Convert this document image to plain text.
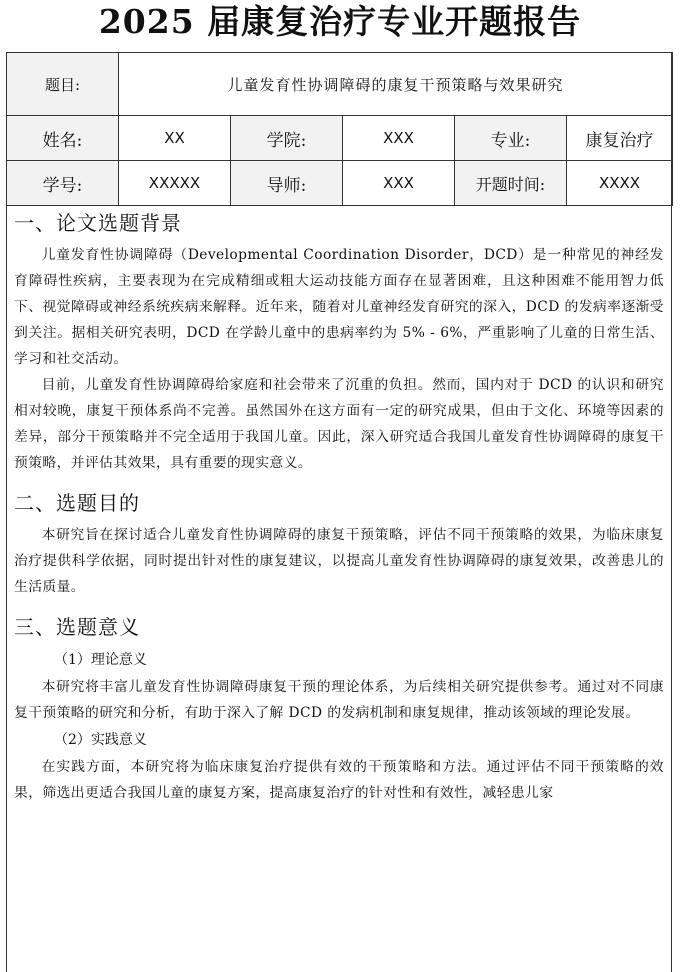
2025 届康复治疗专业开题报告
题目:	儿童发育性协调障碍的康复干预策略与效果研究				
姓名:	XX	学院:	XXX	专业:	康复治疗
学号:	XXXXX	导师:	XXX	开题时间:	XXXX
一、论文选题背景

儿童发育性协调障碍（Developmental Coordination Disorder，DCD）是一种常见的神经发育障碍性疾病，主要表现为在完成精细或粗大运动技能方面存在显著困难，且这种困难不能用智力低下、视觉障碍或神经系统疾病来解释。近年来，随着对儿童神经发育研究的深入，DCD 的发病率逐渐受到关注。据相关研究表明，DCD 在学龄儿童中的患病率约为 5% - 6%，严重影响了儿童的日常生活、学习和社交活动。

目前，儿童发育性协调障碍给家庭和社会带来了沉重的负担。然而，国内对于 DCD 的认识和研究相对较晚，康复干预体系尚不完善。虽然国外在这方面有一定的研究成果，但由于文化、环境等因素的差异，部分干预策略并不完全适用于我国儿童。因此，深入研究适合我国儿童发育性协调障碍的康复干预策略，并评估其效果，具有重要的现实意义。

二、选题目的

本研究旨在探讨适合儿童发育性协调障碍的康复干预策略，评估不同干预策略的效果，为临床康复治疗提供科学依据，同时提出针对性的康复建议，以提高儿童发育性协调障碍的康复效果，改善患儿的生活质量。

三、选题意义
（1）理论意义

本研究将丰富儿童发育性协调障碍康复干预的理论体系，为后续相关研究提供参考。通过对不同康复干预策略的研究和分析，有助于深入了解 DCD 的发病机制和康复规律，推动该领域的理论发展。

（2）实践意义

在实践方面，本研究将为临床康复治疗提供有效的干预策略和方法。通过评估不同干预策略的效果，筛选出更适合我国儿童的康复方案，提高康复治疗的针对性和有效性，减轻患儿家
